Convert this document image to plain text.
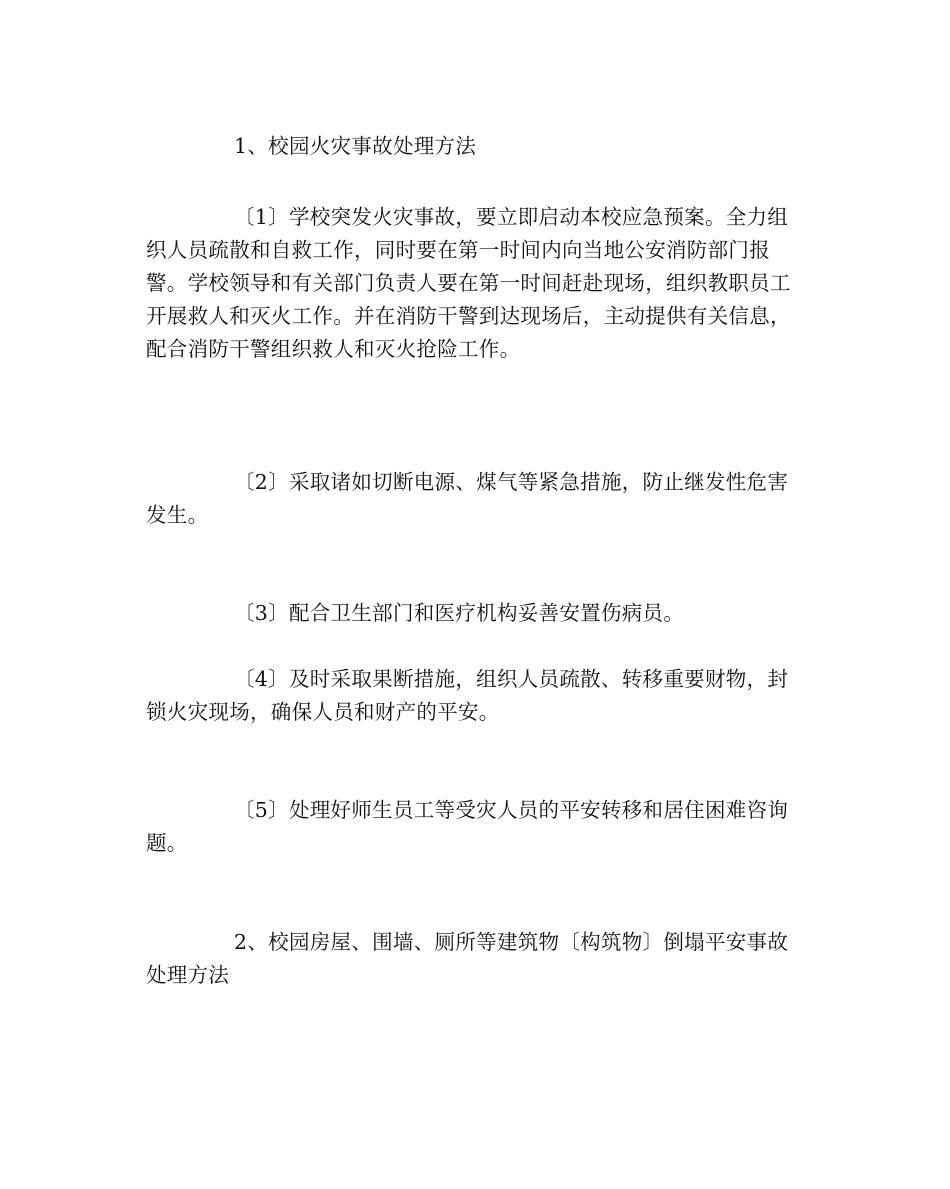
1、校园火灾事故处理方法

〔1〕学校突发火灾事故，要立即启动本校应急预案。全力组织人员疏散和自救工作，同时要在第一时间内向当地公安消防部门报警。学校领导和有关部门负责人要在第一时间赶赴现场，组织教职员工开展救人和灭火工作。并在消防干警到达现场后，主动提供有关信息，配合消防干警组织救人和灭火抢险工作。

〔2〕采取诸如切断电源、煤气等紧急措施，防止继发性危害发生。

〔3〕配合卫生部门和医疗机构妥善安置伤病员。

〔4〕及时采取果断措施，组织人员疏散、转移重要财物，封锁火灾现场，确保人员和财产的平安。

〔5〕处理好师生员工等受灾人员的平安转移和居住困难咨询题。

2、校园房屋、围墙、厕所等建筑物〔构筑物〕倒塌平安事故处理方法
